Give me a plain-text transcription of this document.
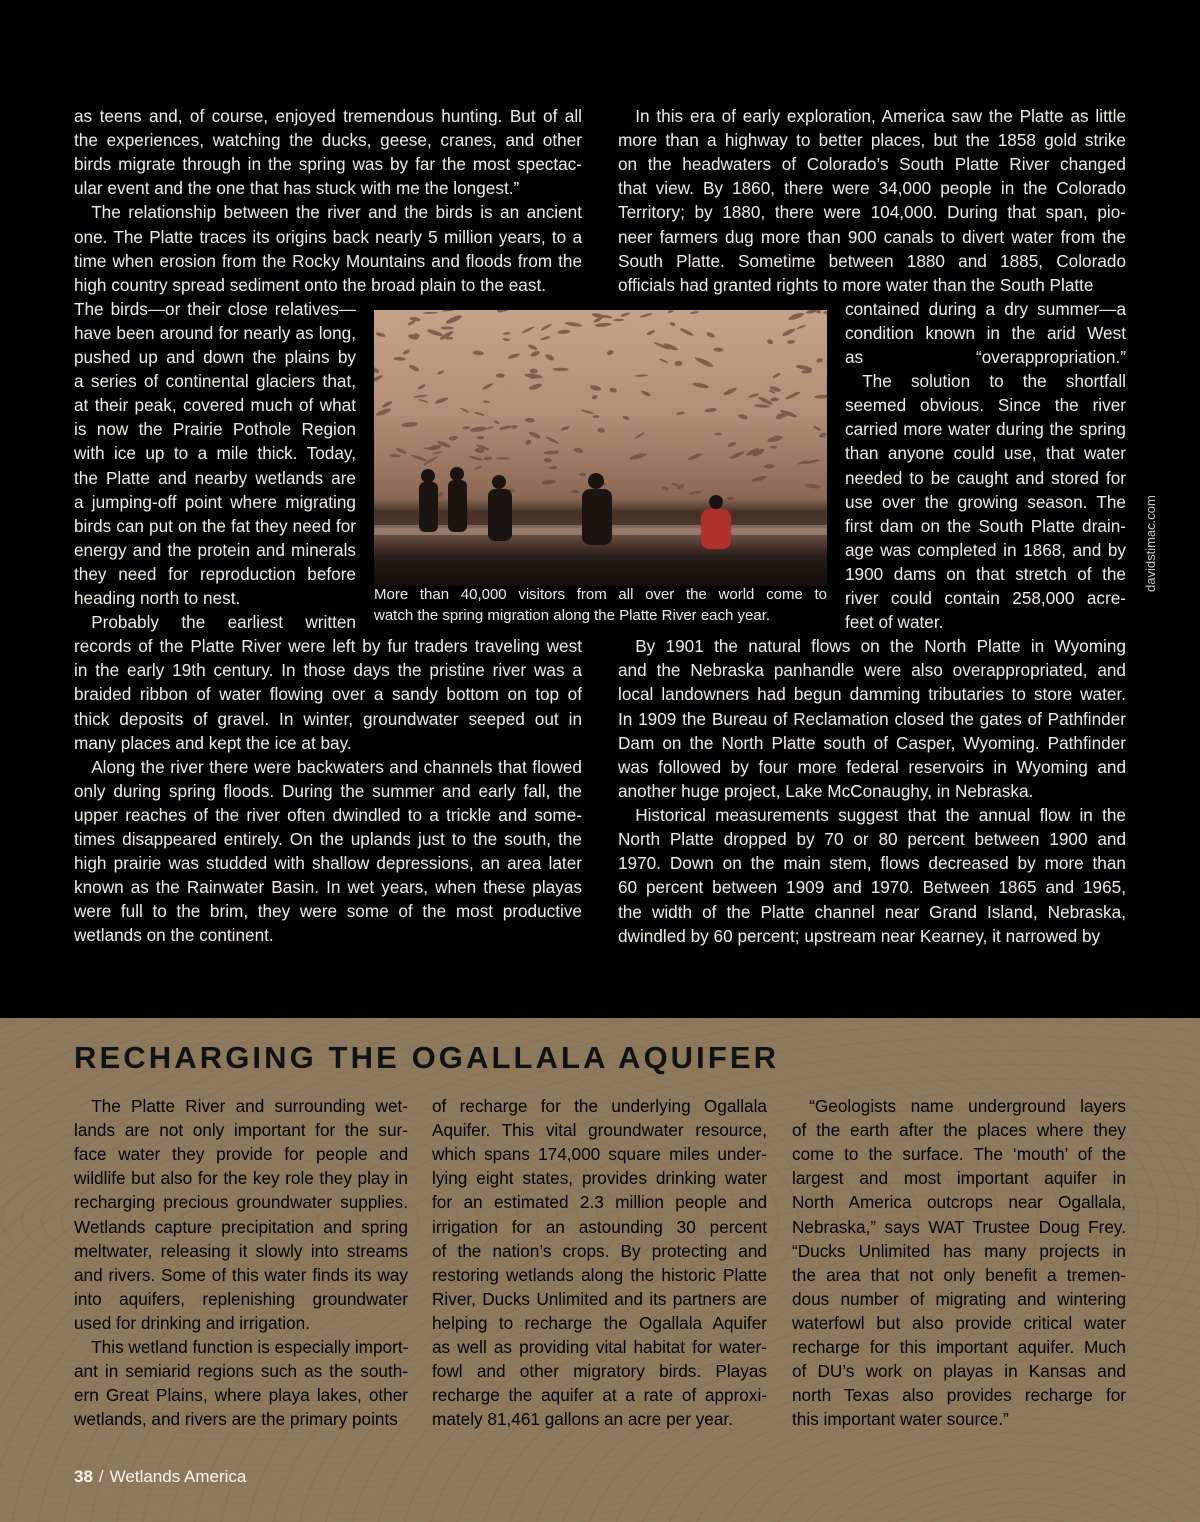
as teens and, of course, enjoyed tremendous hunting. But of all

the experiences, watching the ducks, geese, cranes, and other

birds migrate through in the spring was by far the most spectac-

ular event and the one that has stuck with me the longest.”

 The relationship between the river and the birds is an ancient

one. The Platte traces its origins back nearly 5 million years, to a

time when erosion from the Rocky Mountains and floods from the

high country spread sediment onto the broad plain to the east.

The birds—or their close relatives—

have been around for nearly as long,

pushed up and down the plains by

a series of continental glaciers that,

at their peak, covered much of what

is now the Prairie Pothole Region

with ice up to a mile thick. Today,

the Platte and nearby wetlands are

a jumping-off point where migrating

birds can put on the fat they need for

energy and the protein and minerals

they need for reproduction before

heading north to nest.

 Probably the earliest written

records of the Platte River were left by fur traders traveling west

in the early 19th century. In those days the pristine river was a

braided ribbon of water flowing over a sandy bottom on top of

thick deposits of gravel. In winter, groundwater seeped out in

many places and kept the ice at bay.

 Along the river there were backwaters and channels that flowed

only during spring floods. During the summer and early fall, the

upper reaches of the river often dwindled to a trickle and some-

times disappeared entirely. On the uplands just to the south, the

high prairie was studded with shallow depressions, an area later

known as the Rainwater Basin. In wet years, when these playas

were full to the brim, they were some of the most productive

wetlands on the continent.

 In this era of early exploration, America saw the Platte as little

more than a highway to better places, but the 1858 gold strike

on the headwaters of Colorado’s South Platte River changed

that view. By 1860, there were 34,000 people in the Colorado

Territory; by 1880, there were 104,000. During that span, pio-

neer farmers dug more than 900 canals to divert water from the

South Platte. Sometime between 1880 and 1885, Colorado

officials had granted rights to more water than the South Platte

contained during a dry summer—a

condition known in the arid West

as “overappropriation.”

 The solution to the shortfall

seemed obvious. Since the river

carried more water during the spring

than anyone could use, that water

needed to be caught and stored for

use over the growing season. The

first dam on the South Platte drain-

age was completed in 1868, and by

1900 dams on that stretch of the

river could contain 258,000 acre-

feet of water.

 By 1901 the natural flows on the North Platte in Wyoming

and the Nebraska panhandle were also overappropriated, and

local landowners had begun damming tributaries to store water.

In 1909 the Bureau of Reclamation closed the gates of Pathfinder

Dam on the North Platte south of Casper, Wyoming. Pathfinder

was followed by four more federal reservoirs in Wyoming and

another huge project, Lake McConaughy, in Nebraska.

 Historical measurements suggest that the annual flow in the

North Platte dropped by 70 or 80 percent between 1900 and

1970. Down on the main stem, flows decreased by more than

60 percent between 1909 and 1970. Between 1865 and 1965,

the width of the Platte channel near Grand Island, Nebraska,

dwindled by 60 percent; upstream near Kearney, it narrowed by

More than 40,000 visitors from all over the world come to

watch the spring migration along the Platte River each year.

davidstimac.com
RECHARGING THE OGALLALA AQUIFER

 The Platte River and surrounding wet-

lands are not only important for the sur-

face water they provide for people and

wildlife but also for the key role they play in

recharging precious groundwater supplies.

Wetlands capture precipitation and spring

meltwater, releasing it slowly into streams

and rivers. Some of this water finds its way

into aquifers, replenishing groundwater

used for drinking and irrigation.

 This wetland function is especially import-

ant in semiarid regions such as the south-

ern Great Plains, where playa lakes, other

wetlands, and rivers are the primary points

of recharge for the underlying Ogallala

Aquifer. This vital groundwater resource,

which spans 174,000 square miles under-

lying eight states, provides drinking water

for an estimated 2.3 million people and

irrigation for an astounding 30 percent

of the nation’s crops. By protecting and

restoring wetlands along the historic Platte

River, Ducks Unlimited and its partners are

helping to recharge the Ogallala Aquifer

as well as providing vital habitat for water-

fowl and other migratory birds. Playas

recharge the aquifer at a rate of approxi-

mately 81,461 gallons an acre per year.

 “Geologists name underground layers

of the earth after the places where they

come to the surface. The ‘mouth’ of the

largest and most important aquifer in

North America outcrops near Ogallala,

Nebraska,” says WAT Trustee Doug Frey.

“Ducks Unlimited has many projects in

the area that not only benefit a tremen-

dous number of migrating and wintering

waterfowl but also provide critical water

recharge for this important aquifer. Much

of DU’s work on playas in Kansas and

north Texas also provides recharge for

this important water source.”

38 / Wetlands America
